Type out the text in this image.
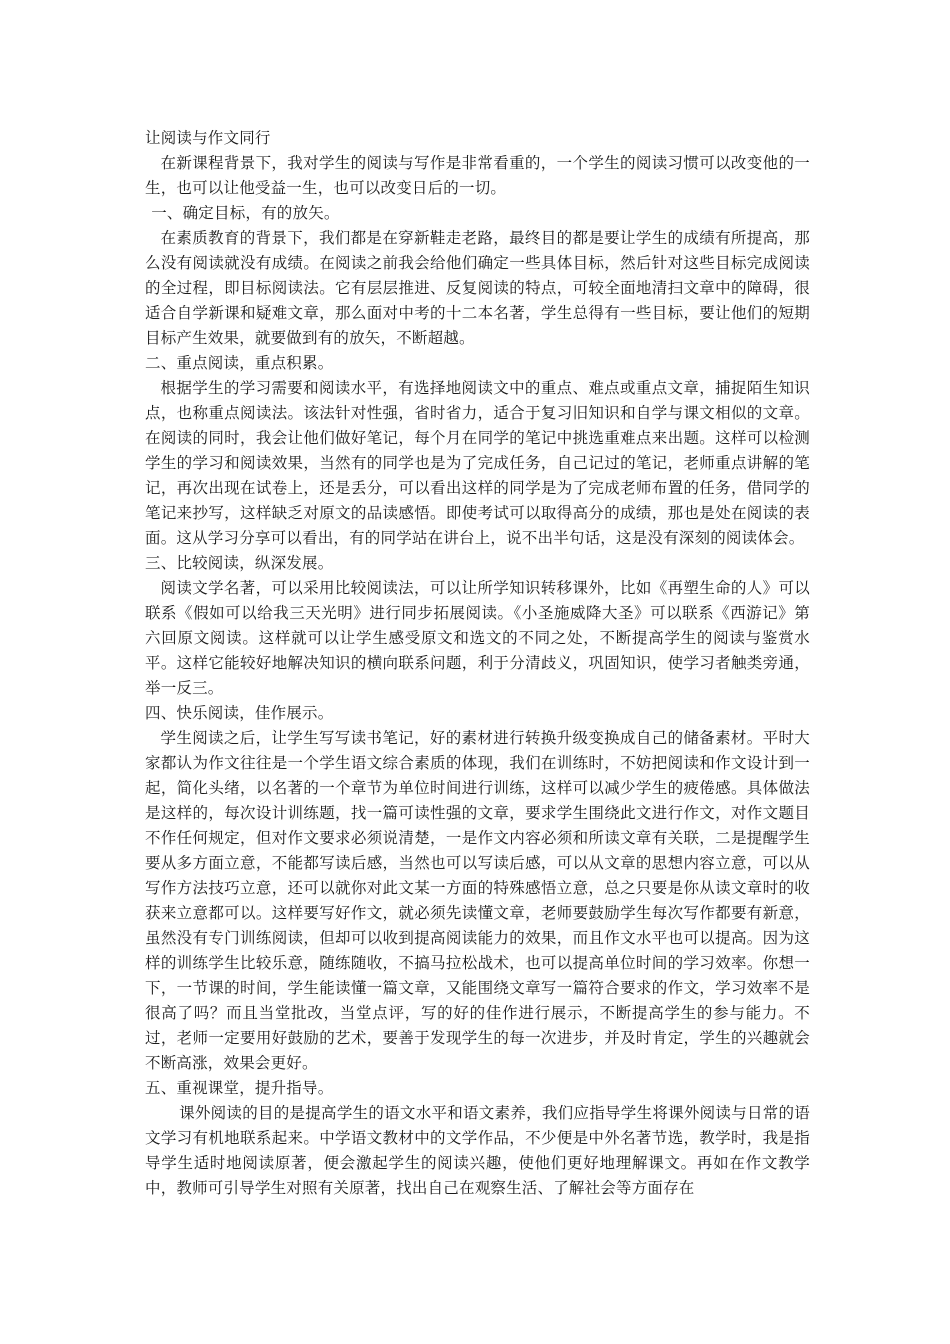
让阅读与作文同行

在新课程背景下，我对学生的阅读与写作是非常看重的，一个学生的阅读习惯可以改变他的一生，也可以让他受益一生，也可以改变日后的一切。

一、确定目标，有的放矢。

在素质教育的背景下，我们都是在穿新鞋走老路，最终目的都是要让学生的成绩有所提高，那么没有阅读就没有成绩。在阅读之前我会给他们确定一些具体目标，然后针对这些目标完成阅读的全过程，即目标阅读法。它有层层推进、反复阅读的特点，可较全面地清扫文章中的障碍，很适合自学新课和疑难文章，那么面对中考的十二本名著，学生总得有一些目标，要让他们的短期目标产生效果，就要做到有的放矢，不断超越。

二、重点阅读，重点积累。

根据学生的学习需要和阅读水平，有选择地阅读文中的重点、难点或重点文章，捕捉陌生知识点，也称重点阅读法。该法针对性强，省时省力，适合于复习旧知识和自学与课文相似的文章。在阅读的同时，我会让他们做好笔记，每个月在同学的笔记中挑选重难点来出题。这样可以检测学生的学习和阅读效果，当然有的同学也是为了完成任务，自己记过的笔记，老师重点讲解的笔记，再次出现在试卷上，还是丢分，可以看出这样的同学是为了完成老师布置的任务，借同学的笔记来抄写，这样缺乏对原文的品读感悟。即使考试可以取得高分的成绩，那也是处在阅读的表面。这从学习分享可以看出，有的同学站在讲台上，说不出半句话，这是没有深刻的阅读体会。

三、比较阅读，纵深发展。

阅读文学名著，可以采用比较阅读法，可以让所学知识转移课外，比如《再塑生命的人》可以联系《假如可以给我三天光明》进行同步拓展阅读。《小圣施威降大圣》可以联系《西游记》第六回原文阅读。这样就可以让学生感受原文和选文的不同之处，不断提高学生的阅读与鉴赏水平。这样它能较好地解决知识的横向联系问题，利于分清歧义，巩固知识，使学习者触类旁通，举一反三。

四、快乐阅读，佳作展示。

学生阅读之后，让学生写写读书笔记，好的素材进行转换升级变换成自己的储备素材。平时大家都认为作文往往是一个学生语文综合素质的体现，我们在训练时，不妨把阅读和作文设计到一起，简化头绪，以名著的一个章节为单位时间进行训练，这样可以减少学生的疲倦感。具体做法是这样的，每次设计训练题，找一篇可读性强的文章，要求学生围绕此文进行作文，对作文题目不作任何规定，但对作文要求必须说清楚，一是作文内容必须和所读文章有关联，二是提醒学生要从多方面立意，不能都写读后感，当然也可以写读后感，可以从文章的思想内容立意，可以从写作方法技巧立意，还可以就你对此文某一方面的特殊感悟立意，总之只要是你从读文章时的收获来立意都可以。这样要写好作文，就必须先读懂文章，老师要鼓励学生每次写作都要有新意，虽然没有专门训练阅读，但却可以收到提高阅读能力的效果，而且作文水平也可以提高。因为这样的训练学生比较乐意，随练随收，不搞马拉松战术，也可以提高单位时间的学习效率。你想一下，一节课的时间，学生能读懂一篇文章，又能围绕文章写一篇符合要求的作文，学习效率不是很高了吗？而且当堂批改，当堂点评，写的好的佳作进行展示，不断提高学生的参与能力。不过，老师一定要用好鼓励的艺术，要善于发现学生的每一次进步，并及时肯定，学生的兴趣就会不断高涨，效果会更好。

五、重视课堂，提升指导。

课外阅读的目的是提高学生的语文水平和语文素养，我们应指导学生将课外阅读与日常的语文学习有机地联系起来。中学语文教材中的文学作品，不少便是中外名著节选，教学时，我是指导学生适时地阅读原著，便会激起学生的阅读兴趣，使他们更好地理解课文。再如在作文教学中，教师可引导学生对照有关原著，找出自己在观察生活、了解社会等方面存在
